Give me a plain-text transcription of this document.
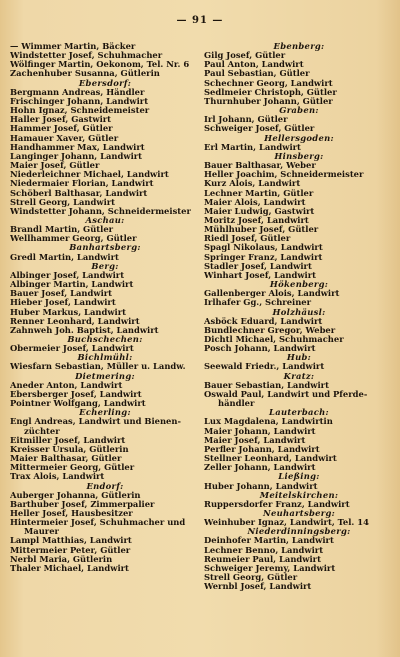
— 91 —
— Wimmer Martin, Bäcker
Windstetter Josef, Schuhmacher
Wölfinger Martin, Oekonom, Tel. Nr. 6
Zachenhuber Susanna, Gütlerin
Ebersdorf:
Bergmann Andreas, Händler
Frischinger Johann, Landwirt
Hohn Ignaz, Schneidemeister
Haller Josef, Gastwirt
Hammer Josef, Gütler
Hamauer Xaver, Gütler
Handhammer Max, Landwirt
Langinger Johann, Landwirt
Maier Josef, Gütler
Niederleichner Michael, Landwirt
Niedermaier Florian, Landwirt
Schöberl Balthasar, Landwirt
Strell Georg, Landwirt
Windstetter Johann, Schneidermeister
Aschau:
Brandl Martin, Gütler
Wellhammer Georg, Gütler
Banhartsberg:
Gredl Martin, Landwirt
Berg:
Albinger Josef, Landwirt
Albinger Martin, Landwirt
Bauer Josef, Landwirt
Hieber Josef, Landwirt
Huber Markus, Landwirt
Renner Leonhard, Landwirt
Zahnweh Joh. Baptist, Landwirt
Buchschechen:
Obermeier Josef, Landwirt
Bichlmühl:
Wiesfarn Sebastian, Müller u. Landw.
Dietmering:
Aneder Anton, Landwirt
Ebersberger Josef, Landwirt
Pointner Wolfgang, Landwirt
Echerling:
Engl Andreas, Landwirt und Bienen-
züchter
Eitmiller Josef, Landwirt
Kreisser Ursula, Gütlerin
Maier Balthasar, Gütler
Mittermeier Georg, Gütler
Trax Alois, Landwirt
Endorf:
Auberger Johanna, Gütlerin
Barthuber Josef, Zimmerpalier
Heller Josef, Hausbesitzer
Hintermeier Josef, Schuhmacher und
Maurer
Lampl Matthias, Landwirt
Mittermeier Peter, Gütler
Nerbl Maria, Gütlerin
Thaler Michael, Landwirt
Ebenberg:
Gilg Josef, Gütler
Paul Anton, Landwirt
Paul Sebastian, Gütler
Schechner Georg, Landwirt
Sedlmeier Christoph, Gütler
Thurnhuber Johann, Gütler
Graben:
Irl Johann, Gütler
Schweiger Josef, Gütler
Hellersgoden:
Erl Martin, Landwirt
Hinsberg:
Bauer Balthasar, Weber
Heller Joachim, Schneidermeister
Kurz Alois, Landwirt
Lechner Martin, Gütler
Maier Alois, Landwirt
Maier Ludwig, Gastwirt
Moritz Josef, Landwirt
Mühlhuber Josef, Gütler
Riedl Josef, Gütler
Spagl Nikolaus, Landwirt
Springer Franz, Landwirt
Stadler Josef, Landwirt
Winhart Josef, Landwirt
Hökenberg:
Gallenberger Alois, Landwirt
Irlhafer Gg., Schreiner
Holzhäusl:
Asböck Eduard, Landwirt
Bundlechner Gregor, Weber
Dichtl Michael, Schuhmacher
Posch Johann, Landwirt
Hub:
Seewald Friedr., Landwirt
Kratz:
Bauer Sebastian, Landwirt
Oswald Paul, Landwirt und Pferde-
händler
Lauterbach:
Lux Magdalena, Landwirtin
Maier Johann, Landwirt
Maier Josef, Landwirt
Perfler Johann, Landwirt
Stellner Leonhard, Landwirt
Zeller Johann, Landwirt
Ließing:
Huber Johann, Landwirt
Meitelskirchen:
Ruppersdorfer Franz, Landwirt
Neuhartsberg:
Weinhuber Ignaz, Landwirt, Tel. 14
Niederdinningsberg:
Deinhofer Martin, Landwirt
Lechner Benno, Landwirt
Reumeier Paul, Landwirt
Schweiger Jeremy, Landwirt
Strell Georg, Gütler
Wernbl Josef, Landwirt
